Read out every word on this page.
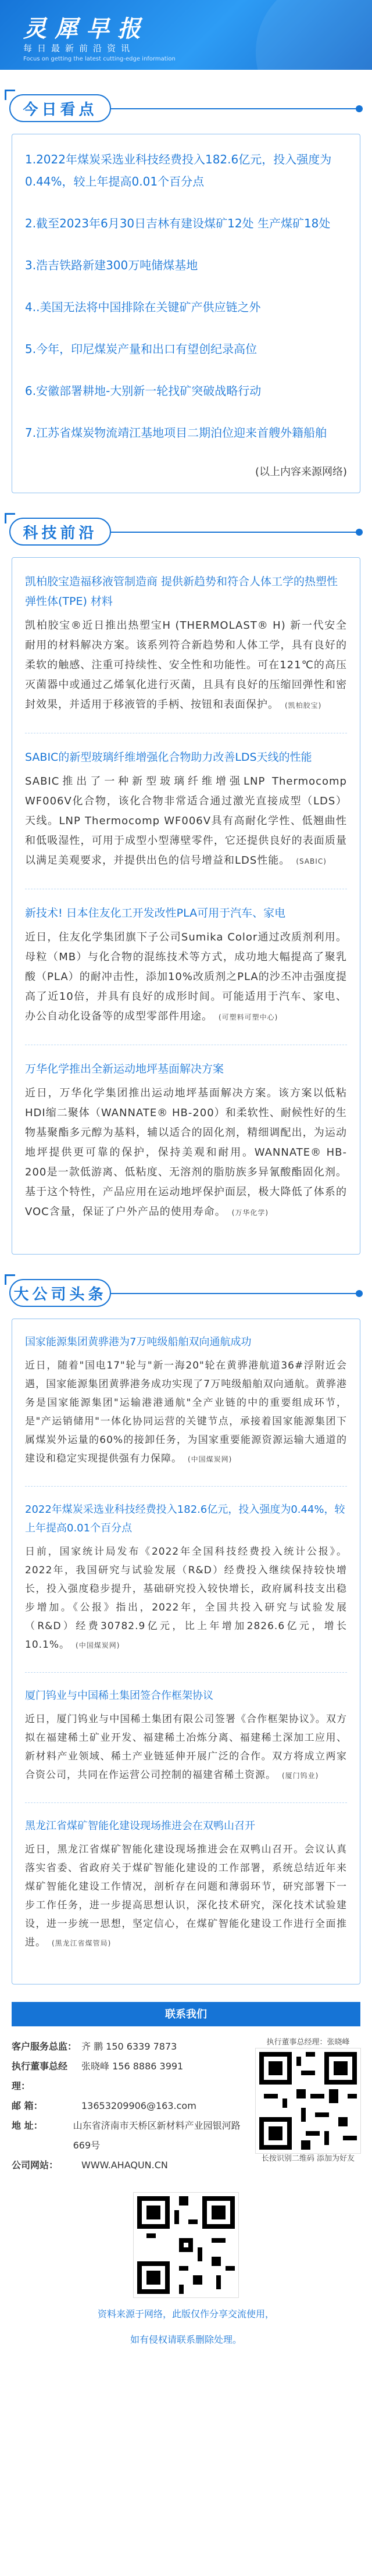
灵犀早报
每日最新前沿资讯
Focus on getting the latest cutting-edge information
今日看点
1.2022年煤炭采选业科技经费投入182.6亿元，投入强度为0.44%，较上年提高0.01个百分点
2.截至2023年6月30日吉林有建设煤矿12处 生产煤矿18处
3.浩吉铁路新建300万吨储煤基地
4..美国无法将中国排除在关键矿产供应链之外
5.今年，印尼煤炭产量和出口有望创纪录高位
6.安徽部署耕地-大别新一轮找矿突破战略行动
7.江苏省煤炭物流靖江基地项目二期泊位迎来首艘外籍船舶
(以上内容来源网络)
科技前沿
凯柏胶宝造福移液管制造商 提供新趋势和符合人体工学的热塑性弹性体(TPE) 材料
凯柏胶宝®近日推出热塑宝H (THERMOLAST® H) 新一代安全耐用的材料解决方案。该系列符合新趋势和人体工学，具有良好的柔软的触感、注重可持续性、安全性和功能性。可在121℃的高压灭菌器中或通过乙烯氧化进行灭菌，且具有良好的压缩回弹性和密封效果，并适用于移液管的手柄、按钮和表面保护。 (凯柏胶宝)
SABIC的新型玻璃纤维增强化合物助力改善LDS天线的性能
SABIC推出了一种新型玻璃纤维增强LNP Thermocomp WF006V化合物，该化合物非常适合通过激光直接成型（LDS）天线。LNP Thermocomp WF006V具有高耐化学性、低翘曲性和低吸湿性，可用于成型小型薄壁零件，它还提供良好的表面质量以满足美观要求，并提供出色的信号增益和LDS性能。 (SABIC)
新技术! 日本住友化工开发改性PLA可用于汽车、家电
近日，住友化学集团旗下子公司Sumika Color通过改质剂利用。母粒（MB）与化合物的混练技术等方式，成功地大幅提高了聚乳酸（PLA）的耐冲击性，添加10%改质剂之PLA的沙丕冲击强度提高了近10倍，并具有良好的成形时间。可能适用于汽车、家电、办公自动化设备等的成型零部件用途。 (可塑料可塑中心)
万华化学推出全新运动地坪基面解决方案
近日，万华化学集团推出运动地坪基面解决方案。该方案以低粘HDI缩二聚体（WANNATE® HB-200）和柔软性、耐候性好的生物基聚酯多元醇为基料，辅以适合的固化剂，精细调配出，为运动地坪提供更可靠的保护，保持美观和耐用。WANNATE® HB-200是一款低游离、低粘度、无溶剂的脂肪族多异氰酸酯固化剂。基于这个特性，产品应用在运动地坪保护面层，极大降低了体系的VOC含量，保证了户外产品的使用寿命。 (万华化学)
大公司头条
国家能源集团黄骅港为7万吨级船舶双向通航成功
近日，随着"国电17"轮与"新一海20"轮在黄骅港航道36#浮附近会遇，国家能源集团黄骅港务成功实现了7万吨级船舶双向通航。黄骅港务是国家能源集团"运输港港通航"全产业链的中的重要组成环节，是"产运销储用"一体化协同运营的关键节点，承接着国家能源集团下属煤炭外运量的60%的接卸任务，为国家重要能源资源运输大通道的建设和稳定实现提供强有力保障。 (中国煤炭网)
2022年煤炭采选业科技经费投入182.6亿元，投入强度为0.44%，较上年提高0.01个百分点
日前，国家统计局发布《2022年全国科技经费投入统计公报》。2022年，我国研究与试验发展（R&D）经费投入继续保持较快增长，投入强度稳步提升，基础研究投入较快增长，政府属科技支出稳步增加。《公报》指出，2022年，全国共投入研究与试验发展（R&D）经费30782.9亿元，比上年增加2826.6亿元，增长10.1%。 (中国煤炭网)
厦门钨业与中国稀土集团签合作框架协议
近日，厦门钨业与中国稀土集团有限公司签署《合作框架协议》。双方拟在福建稀土矿业开发、福建稀土冶炼分离、福建稀土深加工应用、新材料产业领域、稀土产业链延伸开展广泛的合作。双方将成立两家合资公司，共同在作运营公司控制的福建省稀土资源。 (厦门钨业)
黑龙江省煤矿智能化建设现场推进会在双鸭山召开
近日，黑龙江省煤矿智能化建设现场推进会在双鸭山召开。会议认真落实省委、省政府关于煤矿智能化建设的工作部署，系统总结近年来煤矿智能化建设工作情况，剖析存在问题和薄弱环节，研究部署下一步工作任务，进一步提高思想认识，深化技术研究，深化技术试验建设，进一步统一思想，坚定信心，在煤矿智能化建设工作进行全面推进。 (黑龙江省煤管局)
联系我们
客户服务总监： 齐 鹏 150 6339 7873
执行董事总经理：
张晓峰 156 8886 3991
邮 箱：	13653209906@163.com
地 址：	山东省济南市天桥区新材料产业园银河路669号
公司网站：	WWW.AHAQUN.CN
执行董事总经理：张晓峰
长按识别二维码 添加为好友
资料来源于网络，此版仅作分享交流使用，
如有侵权请联系删除处理。
